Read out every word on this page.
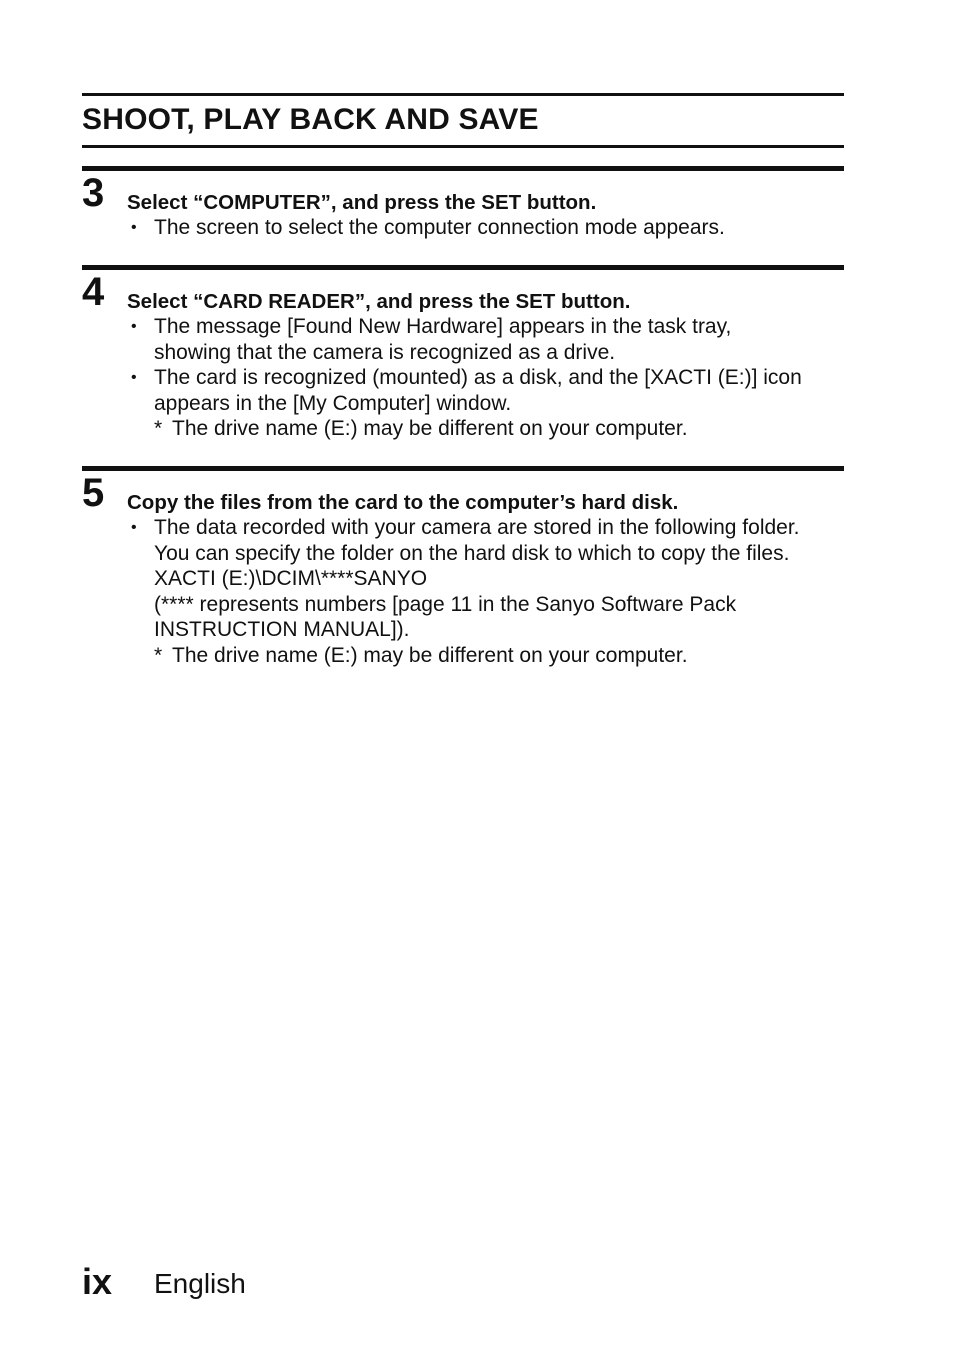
SHOOT, PLAY BACK AND SAVE
3 Select “COMPUTER”, and press the SET button.
• The screen to select the computer connection mode appears.
4 Select “CARD READER”, and press the SET button.
• The message [Found New Hardware] appears in the task tray,
showing that the camera is recognized as a drive.
• The card is recognized (mounted) as a disk, and the [XACTI (E:)] icon
appears in the [My Computer] window.
* The drive name (E:) may be different on your computer.
5 Copy the files from the card to the computer’s hard disk.
• The data recorded with your camera are stored in the following folder.
You can specify the folder on the hard disk to which to copy the files.
XACTI (E:)\DCIM\****SANYO
(**** represents numbers [page 11 in the Sanyo Software Pack
INSTRUCTION MANUAL]).
* The drive name (E:) may be different on your computer.
ix English
